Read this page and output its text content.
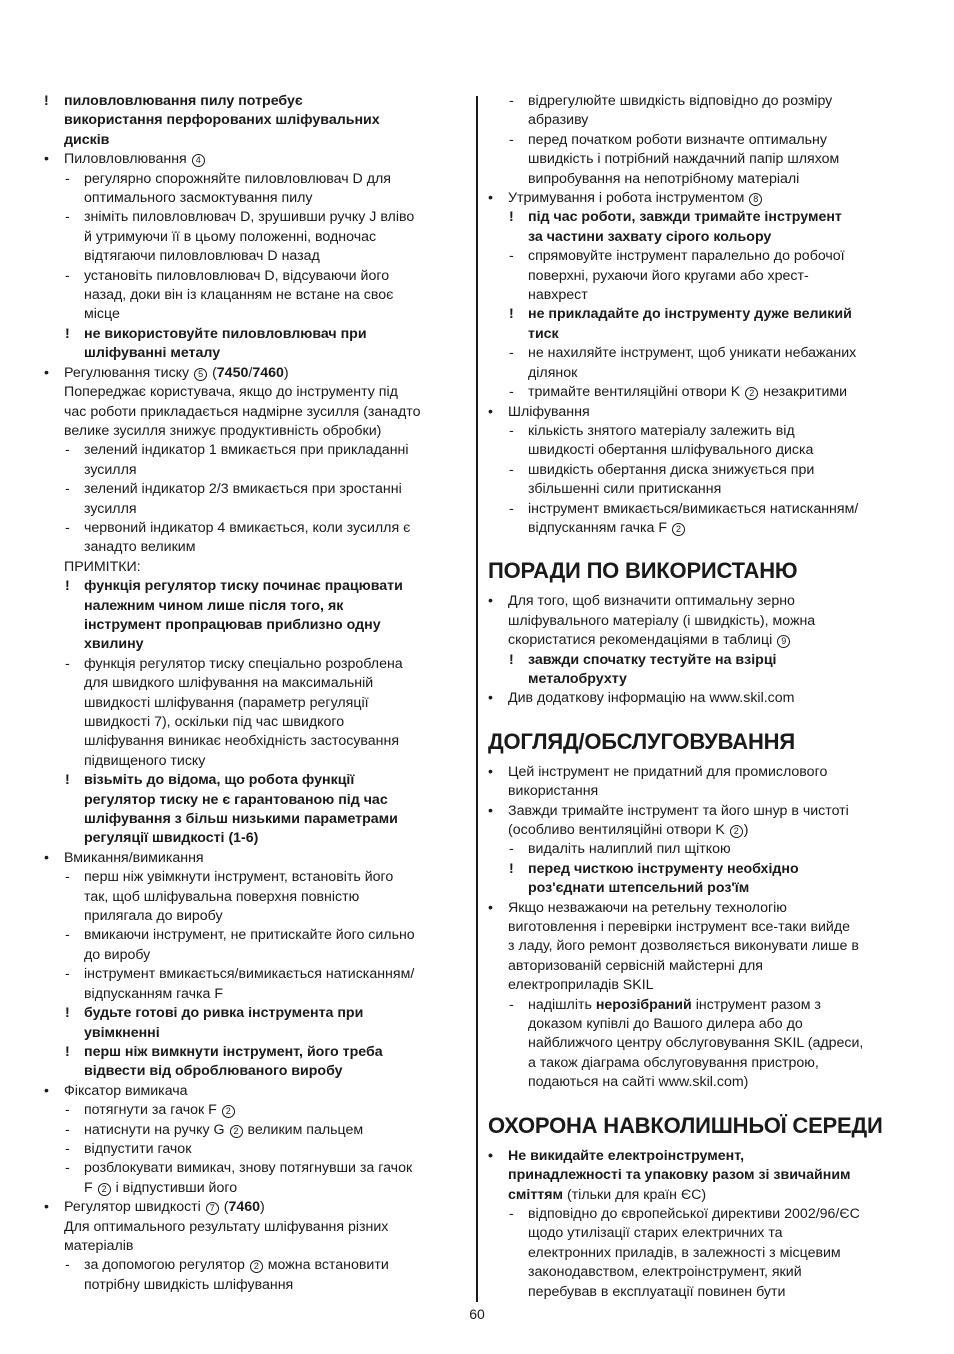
! пиловловлювання пилу потребує
використання перфорованих шліфувальних
дисків
• Пиловловлювання 4
- регулярно спорожняйте пиловловлювач D для
оптимального засмоктування пилу
- зніміть пиловловлювач D, зрушивши ручку J вліво
й утримуючи її в цьому положенні, водночас
відтягаючи пиловловлювач D назад
- установіть пиловловлювач D, відсуваючи його
назад, доки він із клацанням не встане на своє
місце
! не використовуйте пиловловлювач при
шліфуванні металу
• Регулювання тиску 5 (7450/7460)
Попереджає користувача, якщо до інструменту під
час роботи прикладається надмірне зусилля (занадто
велике зусилля знижує продуктивність обробки)
- зелений індикатор 1 вмикається при прикладанні
зусилля
- зелений індикатор 2/3 вмикається при зростанні
зусилля
- червоний індикатор 4 вмикається, коли зусилля є
занадто великим
ПРИМІТКИ:
! функція регулятор тиску починає працювати
належним чином лише після того, як
інструмент пропрацював приблизно одну
хвилину
- функція регулятор тиску спеціально розроблена
для швидкого шліфування на максимальній
швидкості шліфування (параметр регуляції
швидкості 7), оскільки під час швидкого
шліфування виникає необхідність застосування
підвищеного тиску
! візьміть до відома, що робота функції
регулятор тиску не є гарантованою під час
шліфування з більш низькими параметрами
регуляції швидкості (1-6)
• Вмикання/вимикання
- перш ніж увімкнути інструмент, встановіть його
так, щоб шліфувальна поверхня повністю
прилягала до виробу
- вмикаючи інструмент, не притискайте його сильно
до виробу
- інструмент вмикається/вимикається натисканням/
відпусканням гачка F
! будьте готові до ривка інструмента при
увімкненні
! перш ніж вимкнути інструмент, його треба
відвести від оброблюваного виробу
• Фіксатор вимикача
- потягнути за гачок F 2
- натиснути на ручку G 2 великим пальцем
- відпустити гачок
- розблокувати вимикач, знову потягнувши за гачок
F 2 і відпустивши його
• Регулятор швидкості 7 (7460)
Для оптимального результату шліфування різних
матеріалів
- за допомогою регулятор 2 можна встановити
потрібну швидкість шліфування
- відрегулюйте швидкість відповідно до розміру
абразиву
- перед початком роботи визначте оптимальну
швидкість і потрібний наждачний папір шляхом
випробування на непотрібному матеріалі
• Утримування і робота інструментом 8
! під час роботи, завжди тримайте інструмент
за частини захвату сірого кольору
- спрямовуйте інструмент паралельно до робочої
поверхні, рухаючи його кругами або хрест-
навхрест
! не прикладайте до інструменту дуже великий
тиск
- не нахиляйте інструмент, щоб уникати небажаних
ділянок
- тримайте вентиляційні отвори K 2 незакритими
• Шліфування
- кількість знятого матеріалу залежить від
швидкості обертання шліфувального диска
- швидкість обертання диска знижується при
збільшенні сили притискання
- інструмент вмикається/вимикається натисканням/
відпусканням гачка F 2
ПОРАДИ ПО ВИКОРИСТАНЮ
• Для того, щоб визначити оптимальну зерно
шліфувального матеріалу (і швидкість), можна
скористатися рекомендаціями в таблиці 9
! завжди спочатку тестуйте на взірці
металобрухту
• Див додаткову інформацію на www.skil.com
ДОГЛЯД/ОБСЛУГОВУВАННЯ
• Цей інструмент не придатний для промислового
використання
• Завжди тримайте інструмент та його шнур в чистоті
(особливо вентиляційні отвори K 2 )
- видаліть налиплий пил щіткою
! перед чисткою інструменту необхідно
роз'єднати штепсельний роз'їм
• Якщо незважаючи на ретельну технологію
виготовлення і перевірки інструмент все-таки вийде
з ладу, його ремонт дозволяється виконувати лише в
авторизованій сервісній майстерні для
електроприладів SKIL
- надішліть нерозібраний інструмент разом з
доказом купівлі до Вашого дилера або до
найближчого центру обслуговування SKIL (адреси,
а також діаграма обслуговування пристрою,
подаються на сайті www.skil.com)
ОХОРОНА НАВКОЛИШНЬОЇ СЕРЕДИ
• Не викидайте електроінструмент,
принадлежності та упаковку разом зі звичайним
сміттям (тільки для країн ЄС)
- відповідно до європейської директиви 2002/96/ЄС
щодо утилізації старих електричних та
електронних приладів, в залежності з місцевим
законодавством, електроінструмент, який
перебував в експлуатації повинен бути
60
